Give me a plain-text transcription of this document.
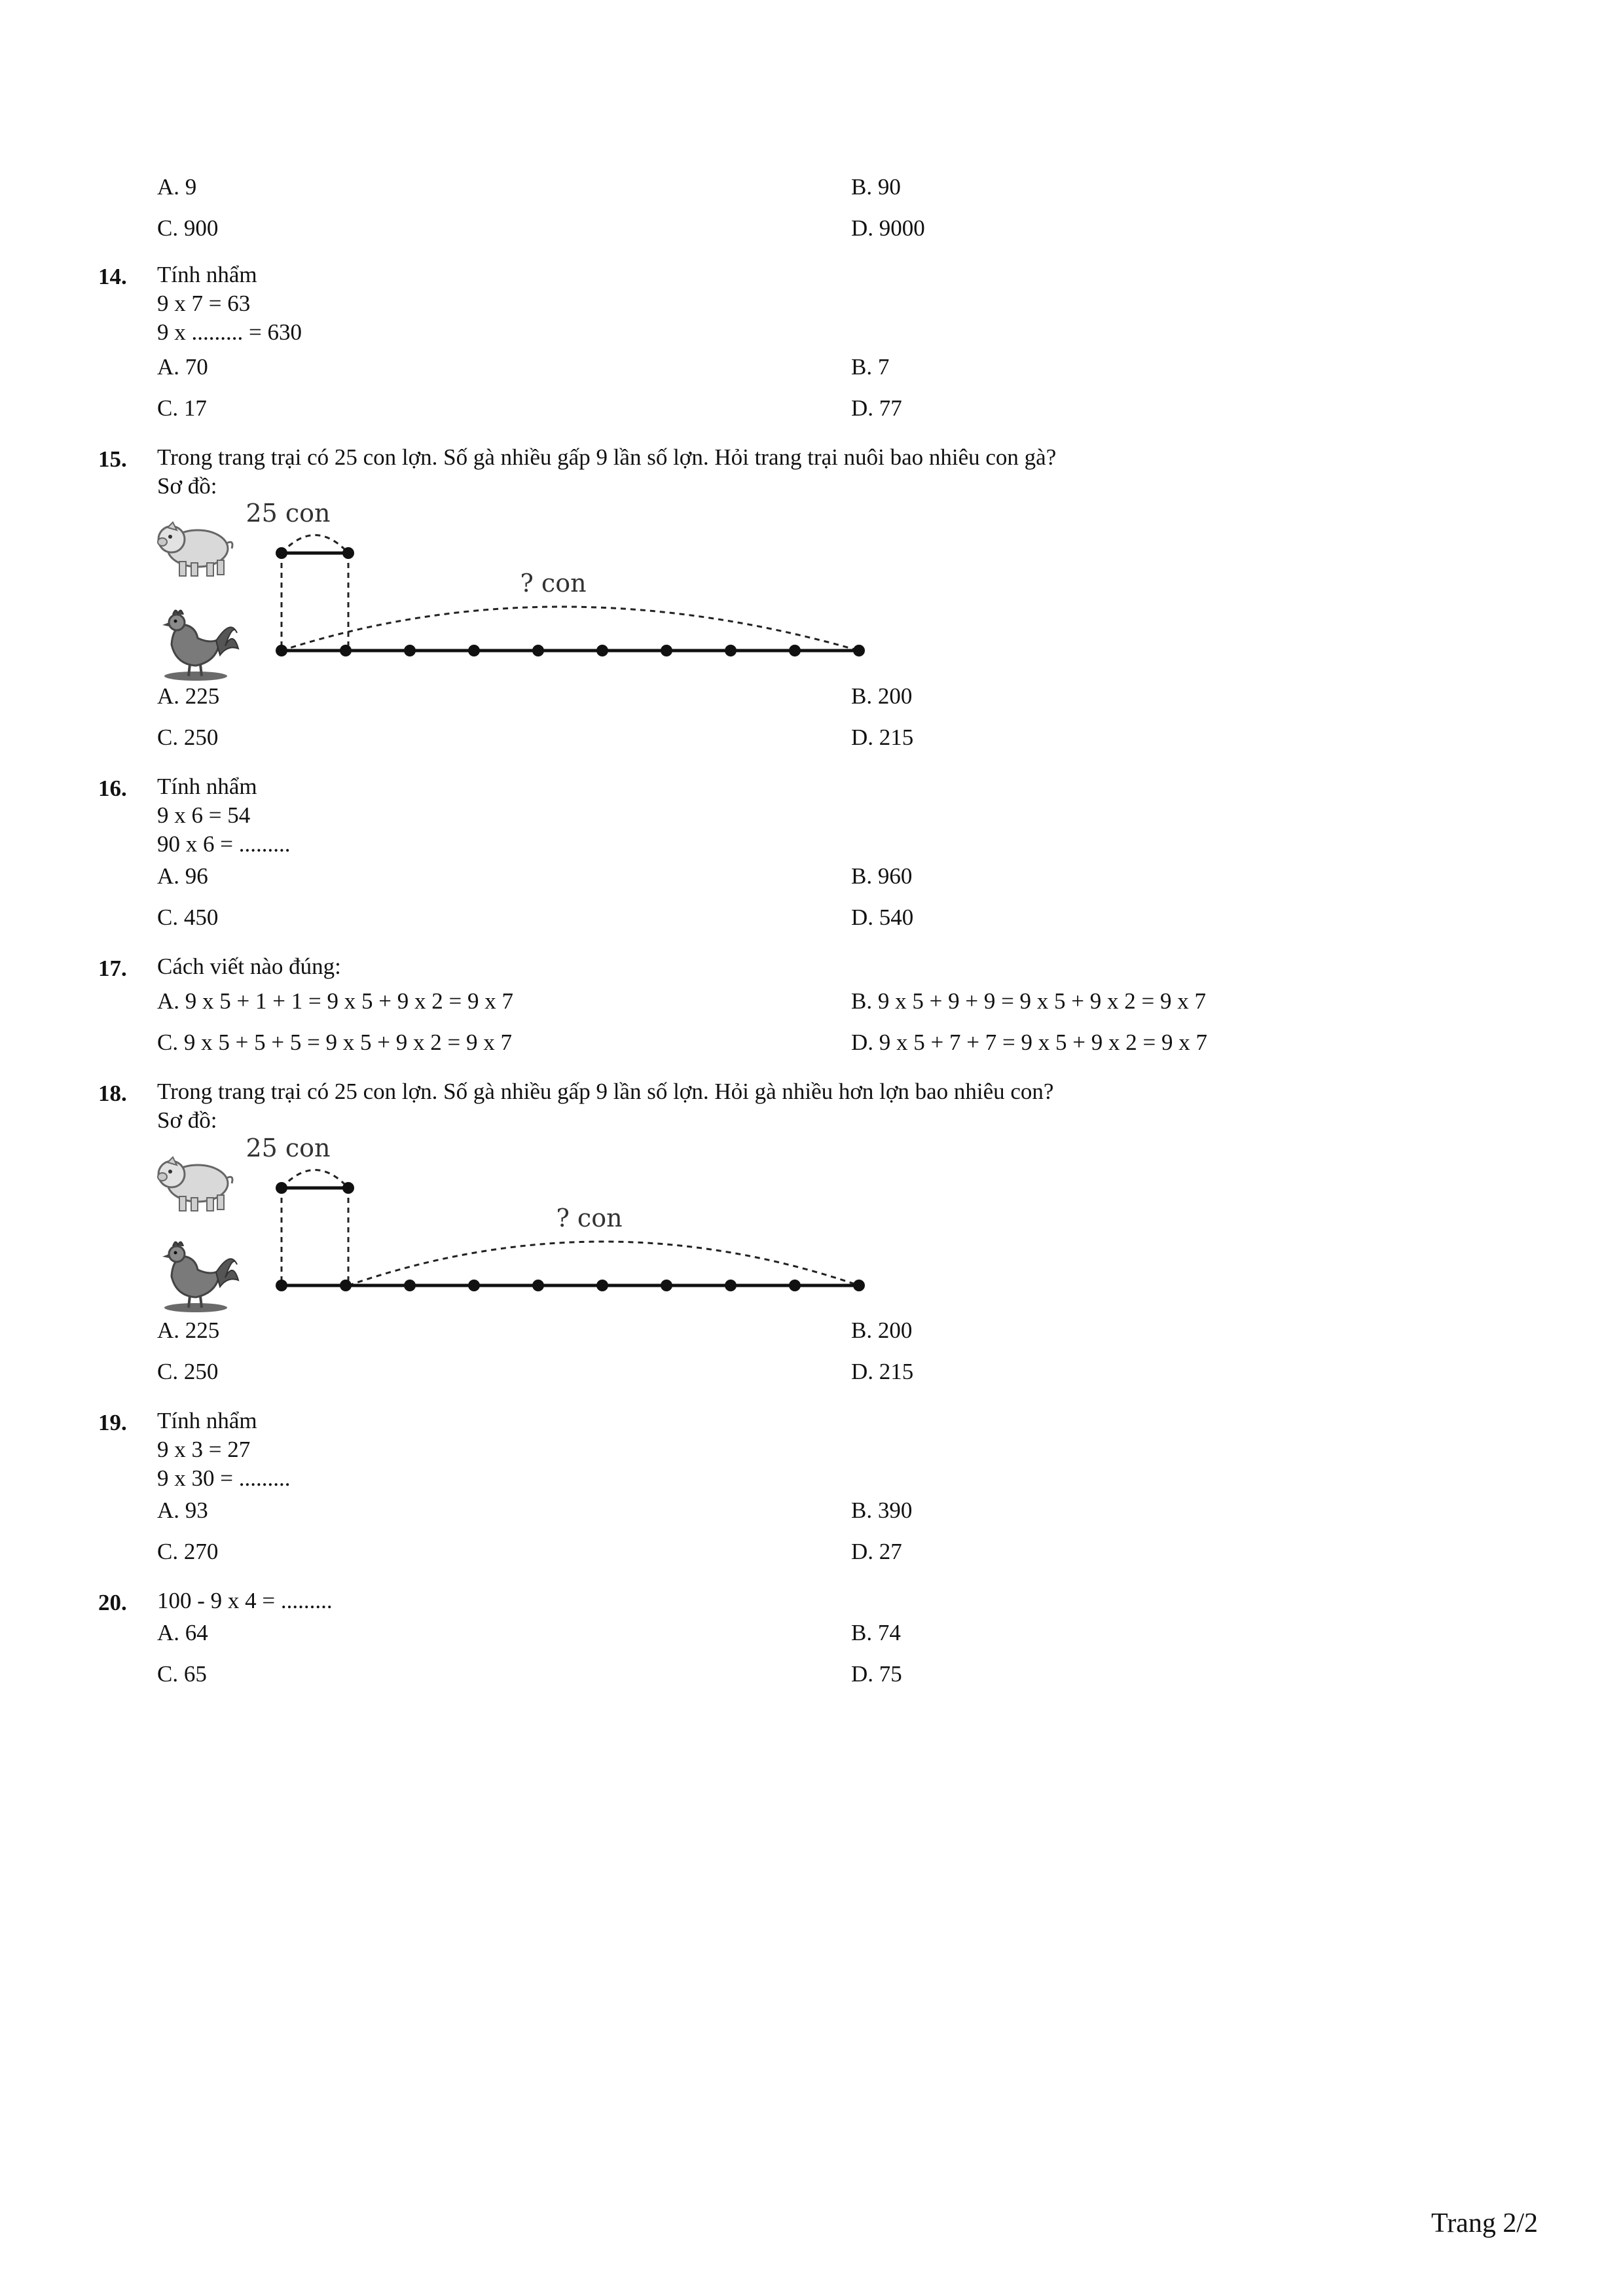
A. 9	B. 90
C. 900	D. 9000
14. Tính nhẩm
9 x 7 = 63
9 x ......... = 630
A. 70	B. 7
C. 17	D. 77
15. Trong trang trại có 25 con lợn. Số gà nhiều gấp 9 lần số lợn. Hỏi trang trại nuôi bao nhiêu con gà?
Sơ đồ:
25 con
? con
A. 225	B. 200
C. 250	D. 215
16. Tính nhẩm
9 x 6 = 54
90 x 6 = .........
A. 96	B. 960
C. 450	D. 540
17. Cách viết nào đúng:
A. 9 x 5 + 1 + 1 = 9 x 5 + 9 x 2 = 9 x 7	B. 9 x 5 + 9 + 9 = 9 x 5 + 9 x 2 = 9 x 7
C. 9 x 5 + 5 + 5 = 9 x 5 + 9 x 2 = 9 x 7	D. 9 x 5 + 7 + 7 = 9 x 5 + 9 x 2 = 9 x 7
18. Trong trang trại có 25 con lợn. Số gà nhiều gấp 9 lần số lợn. Hỏi gà nhiều hơn lợn bao nhiêu con?
Sơ đồ:
25 con
? con
A. 225	B. 200
C. 250	D. 215
19. Tính nhẩm
9 x 3 = 27
9 x 30 = .........
A. 93	B. 390
C. 270	D. 27
20. 100 - 9 x 4 = .........
A. 64	B. 74
C. 65	D. 75
Trang 2/2
